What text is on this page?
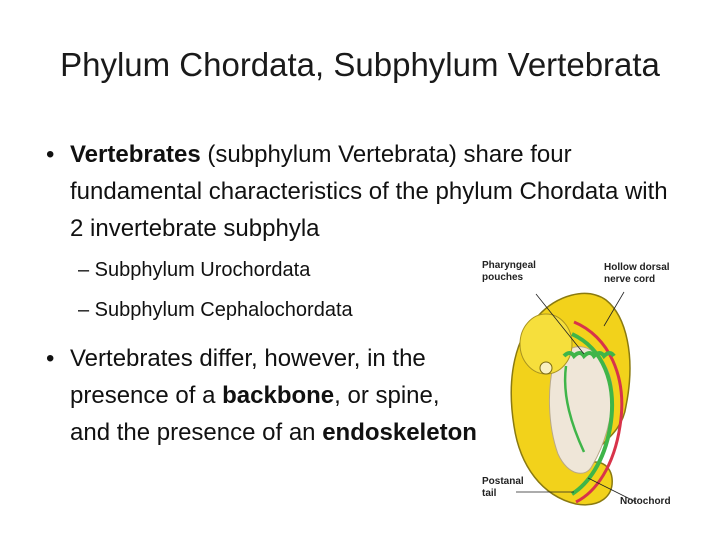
Phylum Chordata, Subphylum Vertebrata

• Vertebrates (subphylum Vertebrata) share four fundamental characteristics of the phylum Chordata with 2 invertebrate subphyla

– Subphylum Urochordata

– Subphylum Cephalochordata

• Vertebrates differ, however, in the presence of a backbone, or spine, and the presence of an endoskeleton

Pharyngeal
pouches

Hollow dorsal
nerve cord

Postanal
tail

Notochord
